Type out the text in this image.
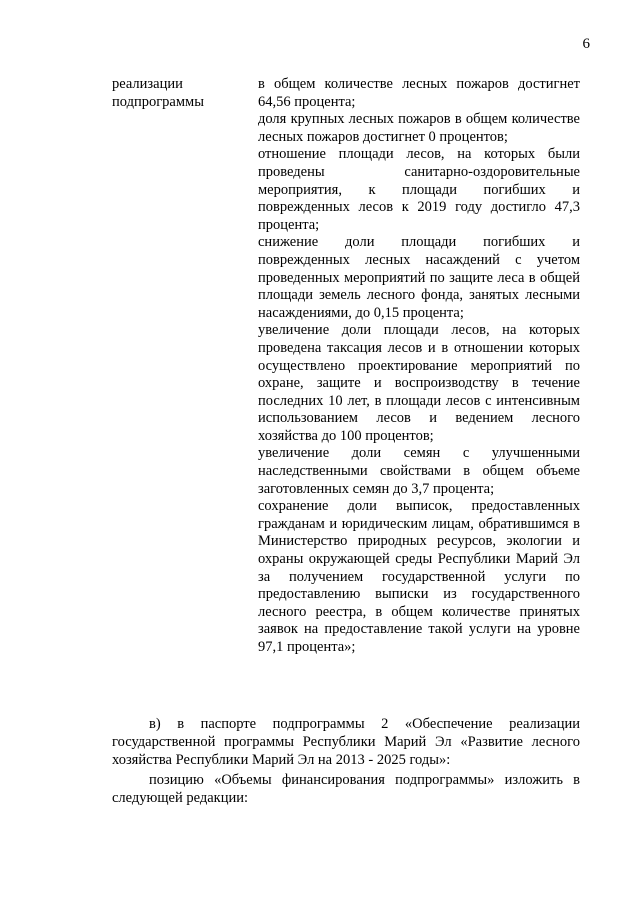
6
реализации
подпрограммы
в общем количестве лесных пожаров достигнет 64,56 процента;
доля крупных лесных пожаров в общем количестве лесных пожаров достигнет 0 процентов;
отношение площади лесов, на которых были проведены санитарно-оздоровительные мероприятия, к площади погибших и поврежденных лесов к 2019 году достигло 47,3 процента;
снижение доли площади погибших и поврежденных лесных насаждений с учетом проведенных мероприятий по защите леса в общей площади земель лесного фонда, занятых лесными насаждениями, до 0,15 процента;
увеличение доли площади лесов, на которых проведена таксация лесов и в отношении которых осуществлено проектирование мероприятий по охране, защите и воспроизводству в течение последних 10 лет, в площади лесов с интенсивным использованием лесов и ведением лесного хозяйства до 100 процентов;
увеличение доли семян с улучшенными наследственными свойствами в общем объеме заготовленных семян до 3,7 процента;
сохранение доли выписок, предоставленных гражданам и юридическим лицам, обратившимся в Министерство природных ресурсов, экологии и охраны окружающей среды Республики Марий Эл за получением государственной услуги по предоставлению выписки из государственного лесного реестра, в общем количестве принятых заявок на предоставление такой услуги на уровне 97,1 процента»;
в) в паспорте подпрограммы 2 «Обеспечение реализации государственной программы Республики Марий Эл «Развитие лесного хозяйства Республики Марий Эл на 2013 - 2025 годы»:
позицию «Объемы финансирования подпрограммы» изложить в следующей редакции:
